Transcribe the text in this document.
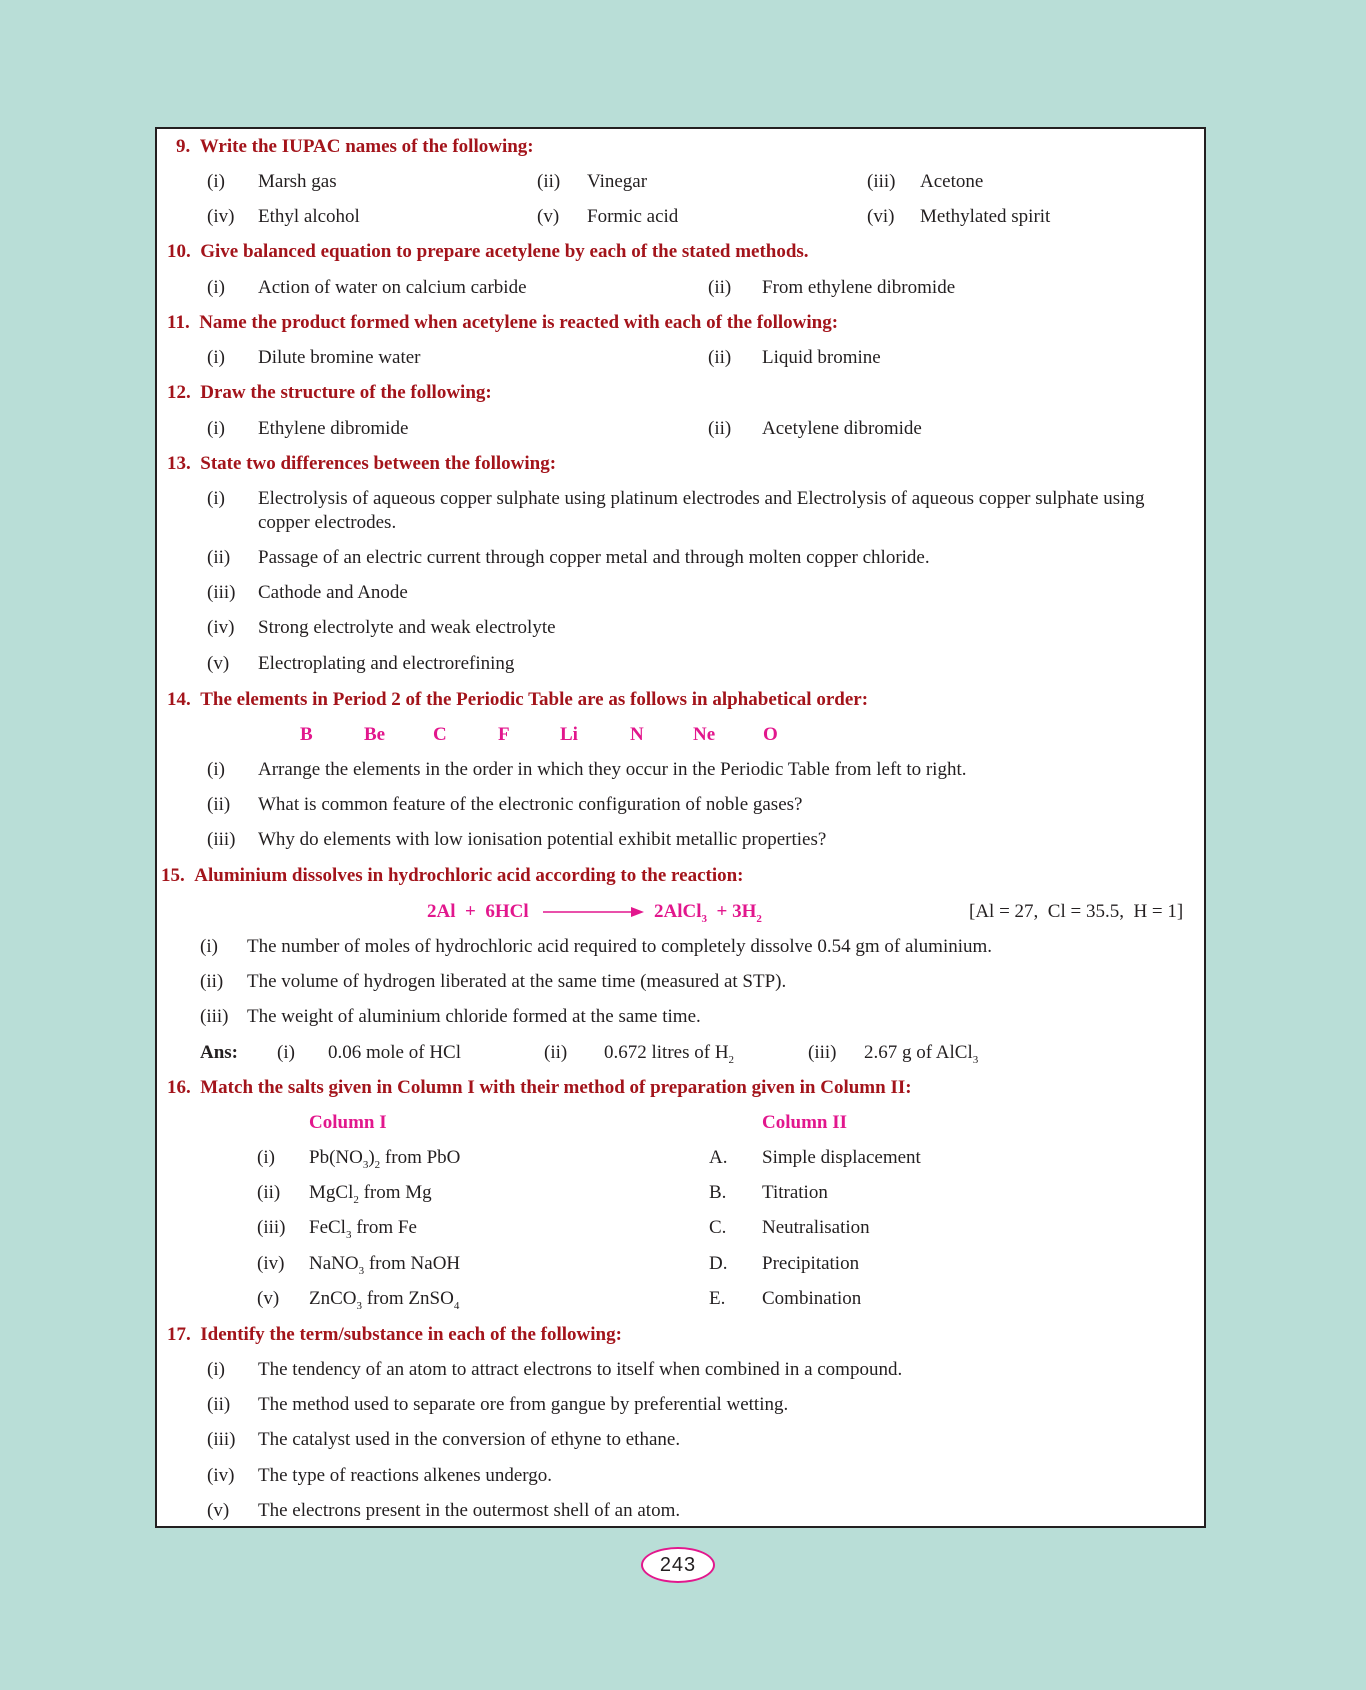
9. Write the IUPAC names of the following:
(i) Marsh gas	(ii) Vinegar	(iii) Acetone
(iv) Ethyl alcohol	(v) Formic acid	(vi) Methylated spirit
10. Give balanced equation to prepare acetylene by each of the stated methods.
(i) Action of water on calcium carbide	(ii) From ethylene dibromide
11. Name the product formed when acetylene is reacted with each of the following:
(i) Dilute bromine water	(ii) Liquid bromine
12. Draw the structure of the following:
(i) Ethylene dibromide	(ii) Acetylene dibromide
13. State two differences between the following:
(i) Electrolysis of aqueous copper sulphate using platinum electrodes and Electrolysis of aqueous copper sulphate using
copper electrodes.
(ii) Passage of an electric current through copper metal and through molten copper chloride.
(iii) Cathode and Anode
(iv) Strong electrolyte and weak electrolyte
(v) Electroplating and electrorefining
14. The elements in Period 2 of the Periodic Table are as follows in alphabetical order:
B	Be	C	F	Li	N	Ne	O
(i) Arrange the elements in the order in which they occur in the Periodic Table from left to right.
(ii) What is common feature of the electronic configuration of noble gases?
(iii) Why do elements with low ionisation potential exhibit metallic properties?
15. Aluminium dissolves in hydrochloric acid according to the reaction:
2Al  +  6HCl	2AlCl$_3$ + $3H_2$	[Al = 27,  Cl = 35.5,  H = 1]
(i) The number of moles of hydrochloric acid required to completely dissolve 0.54 gm of aluminium.
(ii) The volume of hydrogen liberated at the same time (measured at STP).
(iii) The weight of aluminium chloride formed at the same time.
Ans: (i) 0.06 mole of HCl	(ii) 0.672 litres of $H_2$	(iii) 2.67 g of AlCl$_3$
16. Match the salts given in Column I with their method of preparation given in Column II:
Column I	Column II
(i) $Pb(NO_3)_2$ from PbO	A. Simple displacement
(ii) MgCl$_2$ from Mg	B. Titration
(iii) FeCl$_3$ from Fe	C. Neutralisation
(iv) NaNO$_3$ from NaOH	D. Precipitation
(v) ZnCO$_3$ from ZnSO$_4$	E. Combination
17. Identify the term/substance in each of the following:
(i) The tendency of an atom to attract electrons to itself when combined in a compound.
(ii) The method used to separate ore from gangue by preferential wetting.
(iii) The catalyst used in the conversion of ethyne to ethane.
(iv) The type of reactions alkenes undergo.
(v) The electrons present in the outermost shell of an atom.
243
